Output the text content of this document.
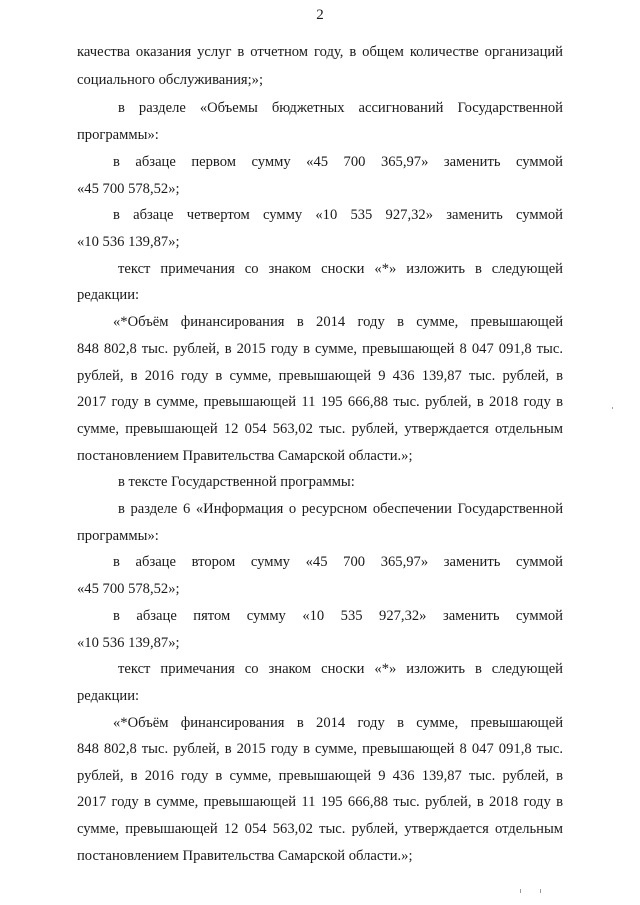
2
качества оказания услуг в отчетном году, в общем количестве организаций
социального обслуживания;»;
в разделе «Объемы бюджетных ассигнований Государственной
программы»:
в абзаце первом сумму «45 700 365,97» заменить суммой
«45 700 578,52»;
в абзаце четвертом сумму «10 535 927,32» заменить суммой
«10 536 139,87»;
текст примечания со знаком сноски «*» изложить в следующей
редакции:
«*Объём финансирования в 2014 году в сумме, превышающей
848 802,8 тыс. рублей, в 2015 году в сумме, превышающей 8 047 091,8 тыс.
рублей, в 2016 году в сумме, превышающей 9 436 139,87 тыс. рублей, в
2017 году в сумме, превышающей 11 195 666,88 тыс. рублей, в 2018 году в
сумме, превышающей 12 054 563,02 тыс. рублей, утверждается отдельным
постановлением Правительства Самарской области.»;
в тексте Государственной программы:
в разделе 6 «Информация о ресурсном обеспечении Государственной
программы»:
в абзаце втором сумму «45 700 365,97» заменить суммой
«45 700 578,52»;
в абзаце пятом сумму «10 535 927,32» заменить суммой
«10 536 139,87»;
текст примечания со знаком сноски «*» изложить в следующей
редакции:
«*Объём финансирования в 2014 году в сумме, превышающей
848 802,8 тыс. рублей, в 2015 году в сумме, превышающей 8 047 091,8 тыс.
рублей, в 2016 году в сумме, превышающей 9 436 139,87 тыс. рублей, в
2017 году в сумме, превышающей 11 195 666,88 тыс. рублей, в 2018 году в
сумме, превышающей 12 054 563,02 тыс. рублей, утверждается отдельным
постановлением Правительства Самарской области.»;
